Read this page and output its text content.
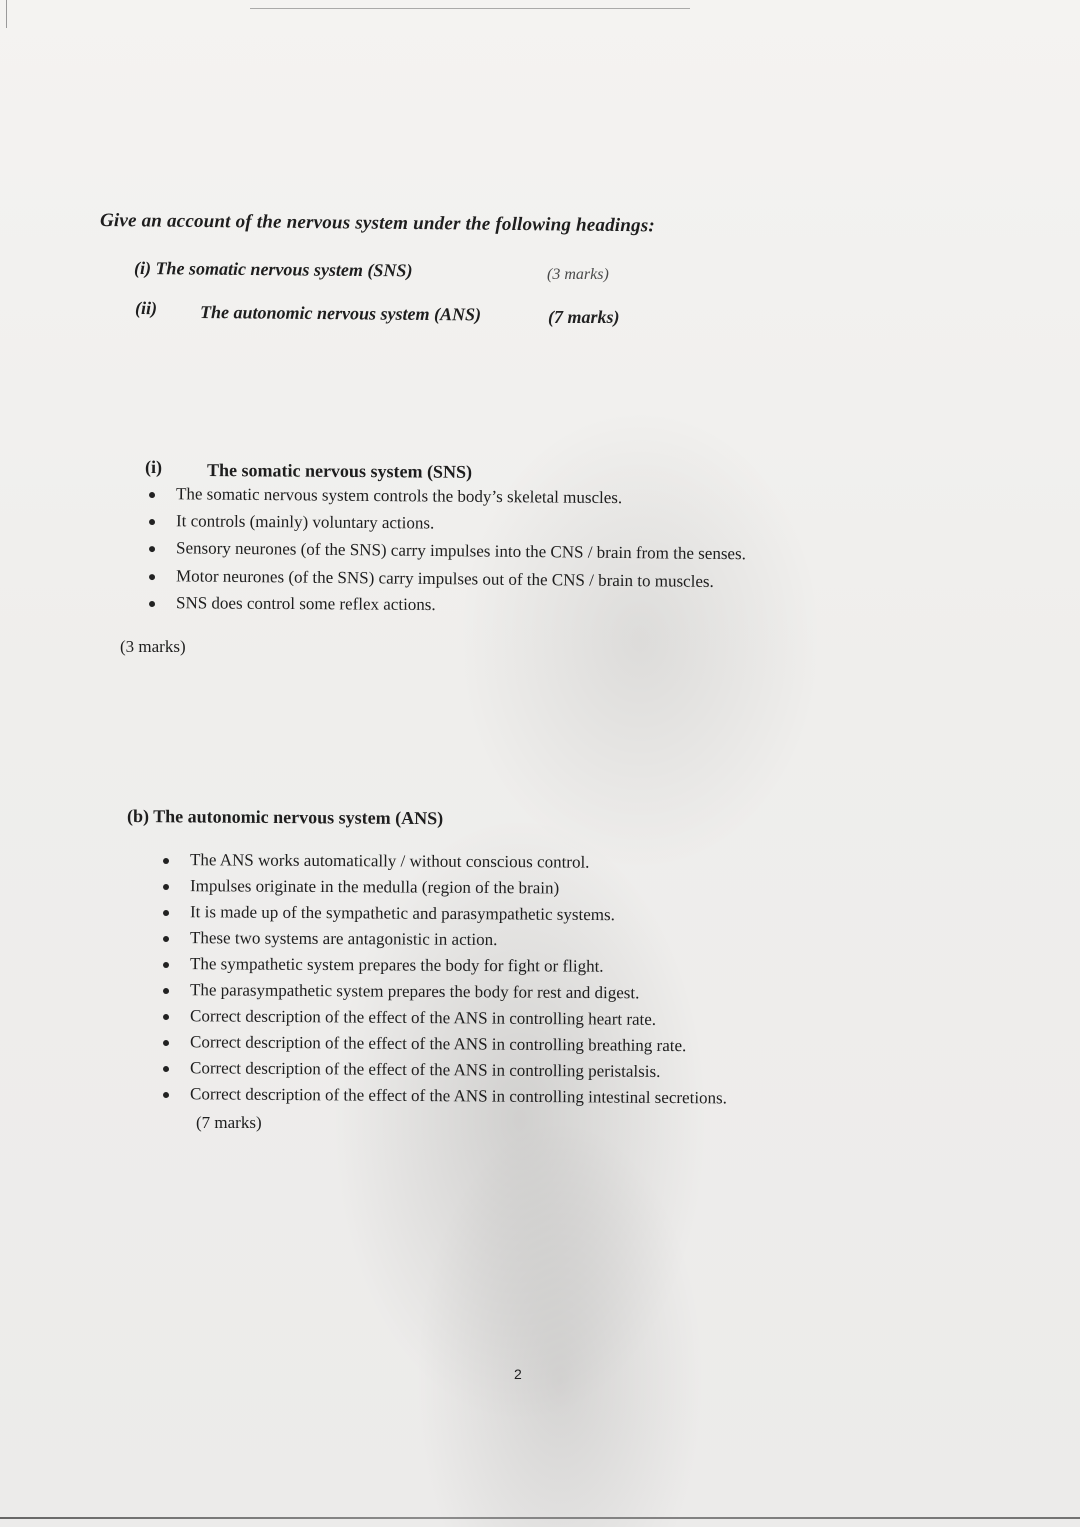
Give an account of the nervous system under the following headings:
(i) The somatic nervous system (SNS)	(3 marks)
(ii) The autonomic nervous system (ANS)	(7 marks)
(i) The somatic nervous system (SNS)
The somatic nervous system controls the body’s skeletal muscles.
It controls (mainly) voluntary actions.
Sensory neurones (of the SNS) carry impulses into the CNS / brain from the senses.
Motor neurones (of the SNS) carry impulses out of the CNS / brain to muscles.
SNS does control some reflex actions.
(3 marks)
(b) The autonomic nervous system (ANS)
The ANS works automatically / without conscious control.
Impulses originate in the medulla (region of the brain)
It is made up of the sympathetic and parasympathetic systems.
These two systems are antagonistic in action.
The sympathetic system prepares the body for fight or flight.
The parasympathetic system prepares the body for rest and digest.
Correct description of the effect of the ANS in controlling heart rate.
Correct description of the effect of the ANS in controlling breathing rate.
Correct description of the effect of the ANS in controlling peristalsis.
Correct description of the effect of the ANS in controlling intestinal secretions.
(7 marks)
2
